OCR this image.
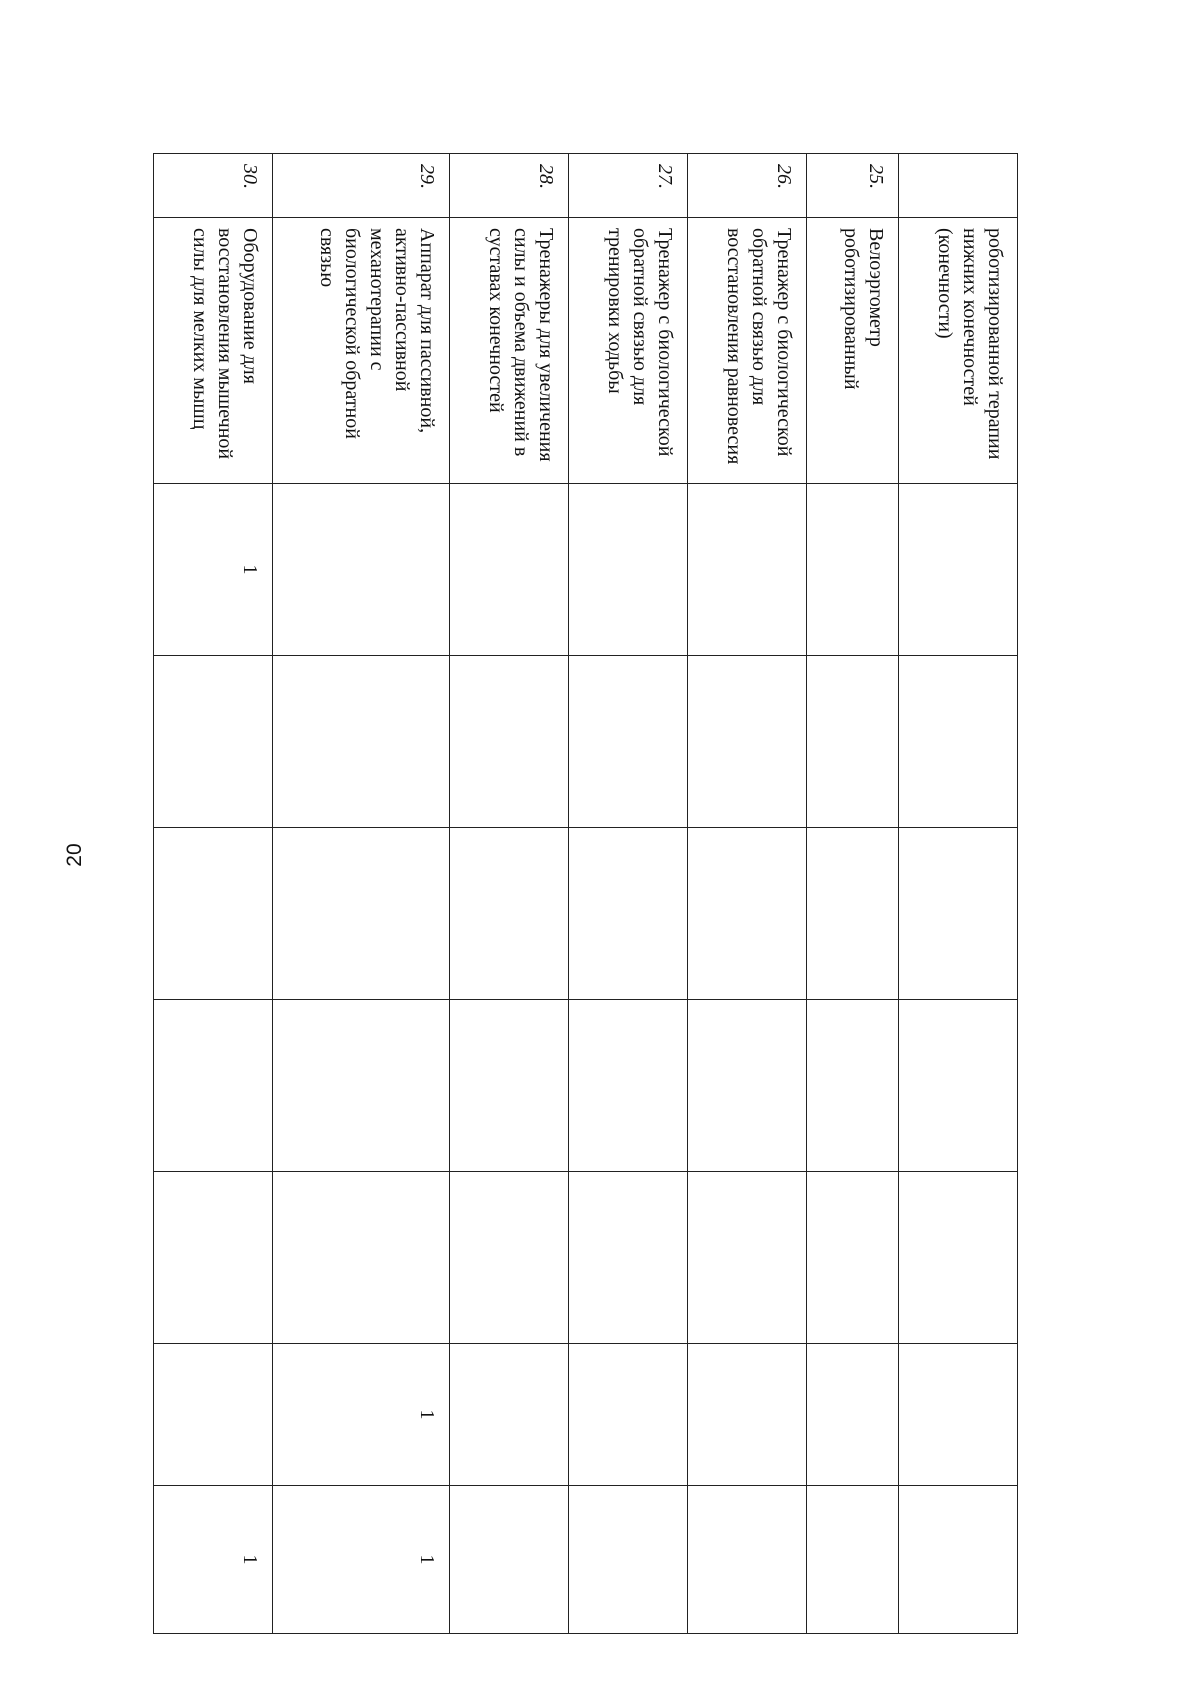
20
	роботизированной терапии нижних конечностей (конечности)							
25.	Велоэргометр роботизированный							
26.	Тренажер с биологической обратной связью для восстановления равновесия							
27.	Тренажер с биологической обратной связью для тренировки ходьбы							
28.	Тренажеры для увеличения силы и объема движений в суставах конечностей							
29.	Аппарат для пассивной, активно-пассивной механотерапии с биологической обратной связью						1	1
30.	Оборудование для восстановления мышечной силы для мелких мышц	1						1
